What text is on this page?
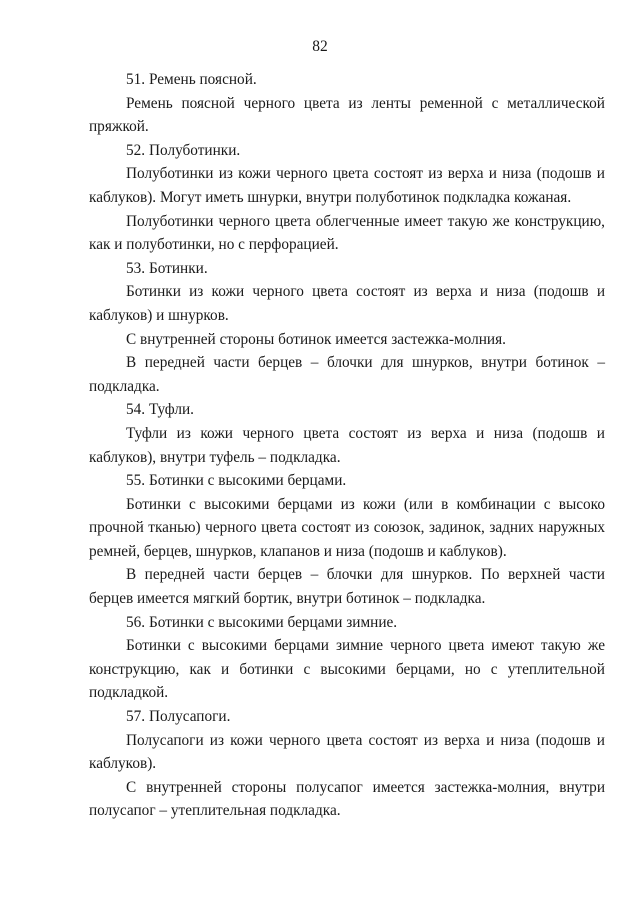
82

51. Ремень поясной.

Ремень поясной черного цвета из ленты ременной с металлической пряжкой.

52. Полуботинки.

Полуботинки из кожи черного цвета состоят из верха и низа (подошв и каблуков). Могут иметь шнурки, внутри полуботинок подкладка кожаная.

Полуботинки черного цвета облегченные имеет такую же конструкцию, как и полуботинки, но с перфорацией.

53. Ботинки.

Ботинки из кожи черного цвета состоят из верха и низа (подошв и каблуков) и шнурков.

С внутренней стороны ботинок имеется застежка-молния.

В передней части берцев – блочки для шнурков, внутри ботинок – подкладка.

54. Туфли.

Туфли из кожи черного цвета состоят из верха и низа (подошв и каблуков), внутри туфель – подкладка.

55. Ботинки с высокими берцами.

Ботинки с высокими берцами из кожи (или в комбинации с высоко прочной тканью) черного цвета состоят из союзок, задинок, задних наружных ремней, берцев, шнурков, клапанов и низа (подошв и каблуков).

В передней части берцев – блочки для шнурков. По верхней части берцев имеется мягкий бортик, внутри ботинок – подкладка.

56. Ботинки с высокими берцами зимние.

Ботинки с высокими берцами зимние черного цвета имеют такую же конструкцию, как и ботинки с высокими берцами, но с утеплительной подкладкой.

57. Полусапоги.

Полусапоги из кожи черного цвета состоят из верха и низа (подошв и каблуков).

С внутренней стороны полусапог имеется застежка-молния, внутри полусапог – утеплительная подкладка.
